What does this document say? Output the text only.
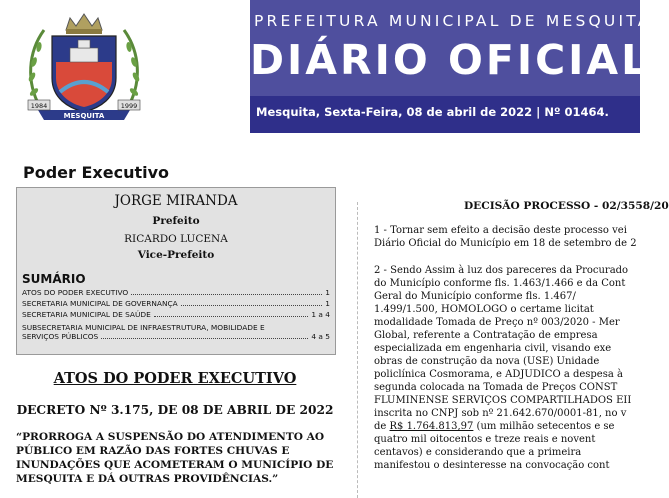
1984	1999
MESQUITA
PREFEITURA MUNICIPAL DE MESQUITA
DIÁRIO OFICIAL
Mesquita, Sexta-Feira, 08 de abril de 2022 | Nº 01464.
Poder Executivo
JORGE MIRANDA
Prefeito
RICARDO LUCENA
Vice-Prefeito
SUMÁRIO
ATOS DO PODER EXECUTIVO	1
SECRETARIA MUNICIPAL DE GOVERNANÇA	1
SECRETARIA MUNICIPAL DE SAÚDE	1 a 4
SUBSECRETARIA MUNICIPAL DE INFRAESTRUTURA, MOBILIDADE E
SERVIÇOS PÚBLICOS	4 a 5
ATOS DO PODER EXECUTIVO
DECRETO Nº 3.175, DE 08 DE ABRIL DE 2022
“PRORROGA A SUSPENSÃO DO ATENDIMENTO AO
PÚBLICO EM RAZÃO DAS FORTES CHUVAS E
INUNDAÇÕES QUE ACOMETERAM O MUNICÍPIO DE
MESQUITA E DÁ OUTRAS PROVIDÊNCIAS.”
DECISÃO PROCESSO - 02/3558/20
1 - Tornar sem efeito a decisão deste processo vei
Diário Oficial do Município em 18 de setembro de 2
2 - Sendo Assim à luz dos pareceres da Procurado
do Município conforme fls. 1.463/1.466 e da Cont
Geral do Município conforme fls. 1.467/
1.499/1.500, HOMOLOGO o certame licitat
modalidade Tomada de Preço nº 003/2020 - Mer
Global, referente a Contratação de empresa
especializada em engenharia civil, visando exe
obras de construção da nova (USE) Unidade
policlínica Cosmorama, e ADJUDICO a despesa à
segunda colocada na Tomada de Preços CONST
FLUMINENSE SERVIÇOS COMPARTILHADOS EII
inscrita no CNPJ sob nº 21.642.670/0001-81, no v
de R$ 1.764.813,97 (um milhão setecentos e se
quatro mil oitocentos e treze reais e novent
centavos) e considerando que a primeira
manifestou o desinteresse na convocação cont
